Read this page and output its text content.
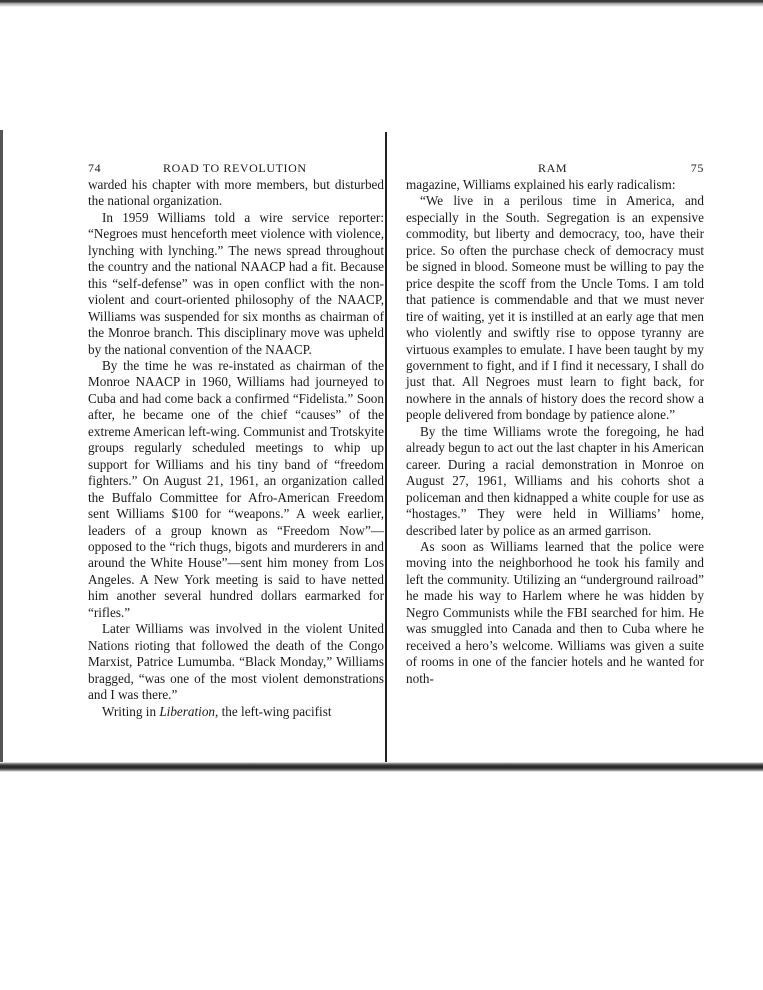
74	ROAD TO REVOLUTION

warded his chapter with more members, but disturbed the national organization.

In 1959 Williams told a wire service reporter: “Negroes must henceforth meet violence with violence, lynching with lynching.” The news spread throughout the country and the national NAACP had a fit. Because this “self-defense” was in open conflict with the non-violent and court-oriented philosophy of the NAACP, Williams was suspended for six months as chairman of the Monroe branch. This disciplinary move was upheld by the national convention of the NAACP.

By the time he was re-instated as chairman of the Monroe NAACP in 1960, Williams had journeyed to Cuba and had come back a confirmed “Fidelista.” Soon after, he became one of the chief “causes” of the extreme American left-wing. Communist and Trotskyite groups regularly scheduled meetings to whip up support for Williams and his tiny band of “freedom fighters.” On August 21, 1961, an organization called the Buffalo Committee for Afro-American Freedom sent Williams $100 for “weapons.” A week earlier, leaders of a group known as “Freedom Now”—opposed to the “rich thugs, bigots and murderers in and around the White House”—sent him money from Los Angeles. A New York meeting is said to have netted him another several hundred dollars earmarked for “rifles.”

Later Williams was involved in the violent United Nations rioting that followed the death of the Congo Marxist, Patrice Lumumba. “Black Monday,” Williams bragged, “was one of the most violent demonstrations and I was there.”

Writing in Liberation, the left-wing pacifist

RAM	75

magazine, Williams explained his early radicalism:

“We live in a perilous time in America, and especially in the South. Segregation is an expensive commodity, but liberty and democracy, too, have their price. So often the purchase check of democracy must be signed in blood. Someone must be willing to pay the price despite the scoff from the Uncle Toms. I am told that patience is commendable and that we must never tire of waiting, yet it is instilled at an early age that men who violently and swiftly rise to oppose tyranny are virtuous examples to emulate. I have been taught by my government to fight, and if I find it necessary, I shall do just that. All Negroes must learn to fight back, for nowhere in the annals of history does the record show a people delivered from bondage by patience alone.”

By the time Williams wrote the foregoing, he had already begun to act out the last chapter in his American career. During a racial demonstration in Monroe on August 27, 1961, Williams and his cohorts shot a policeman and then kidnapped a white couple for use as “hostages.” They were held in Williams’ home, described later by police as an armed garrison.

As soon as Williams learned that the police were moving into the neighborhood he took his family and left the community. Utilizing an “underground railroad” he made his way to Harlem where he was hidden by Negro Communists while the FBI searched for him. He was smuggled into Canada and then to Cuba where he received a hero’s welcome. Williams was given a suite of rooms in one of the fancier hotels and he wanted for noth-
